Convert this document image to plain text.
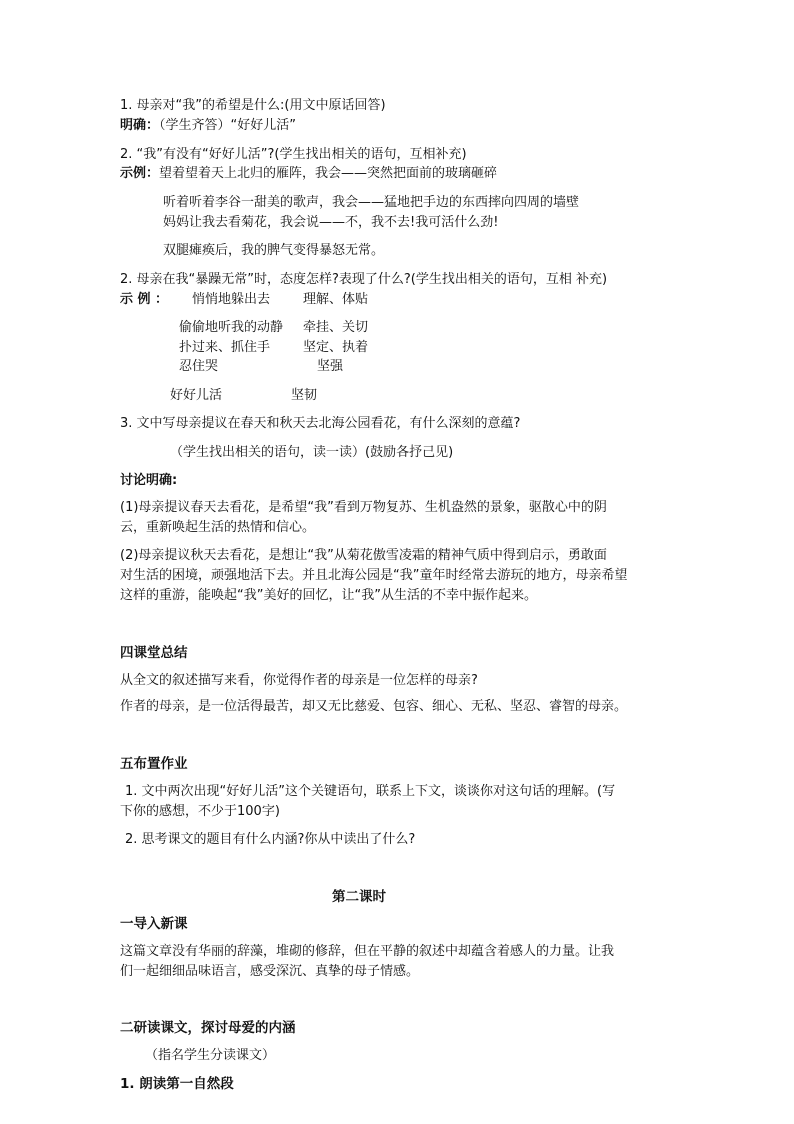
1. 母亲对“我”的希望是什么:(用文中原话回答)
明确：（学生齐答）“好好儿活”
2. “我”有没有“好好儿活”?(学生找出相关的语句，互相补充)
示例：望着望着天上北归的雁阵，我会——突然把面前的玻璃砸碎
听着听着李谷一甜美的歌声，我会——猛地把手边的东西摔向四周的墙壁
妈妈让我去看菊花，我会说——不，我不去!我可活什么劲!
双腿瘫痪后，我的脾气变得暴怒无常。
2. 母亲在我“暴躁无常”时，态度怎样?表现了什么?(学生找出相关的语句，互相 补充)
示 例 ： 悄悄地躲出去	理解、体贴
偷偷地听我的动静 牵挂、关切
扑过来、抓住手	坚定、执着
忍住哭	坚强
好好儿活	坚韧
3. 文中写母亲提议在春天和秋天去北海公园看花，有什么深刻的意蕴?
（学生找出相关的语句，读一读）(鼓励各抒己见)
讨论明确:
(1)母亲提议春天去看花，是希望“我”看到万物复苏、生机盎然的景象，驱散心中的阴
云，重新唤起生活的热情和信心。
(2)母亲提议秋天去看花，是想让“我”从菊花傲雪凌霜的精神气质中得到启示，勇敢面
对生活的困境，顽强地活下去。并且北海公园是“我”童年时经常去游玩的地方，母亲希望
这样的重游，能唤起“我”美好的回忆，让“我”从生活的不幸中振作起来。
四课堂总结
从全文的叙述描写来看，你觉得作者的母亲是一位怎样的母亲?
作者的母亲，是一位活得最苦，却又无比慈爱、包容、细心、无私、坚忍、睿智的母亲。
五布置作业
1. 文中两次出现“好好儿活”这个关键语句，联系上下文，谈谈你对这句话的理解。(写
下你的感想，不少于100字)
2. 思考课文的题目有什么内涵?你从中读出了什么?
第二课时
一导入新课
这篇文章没有华丽的辞藻，堆砌的修辞，但在平静的叙述中却蕴含着感人的力量。让我
们一起细细品味语言，感受深沉、真挚的母子情感。
二研读课文，探讨母爱的内涵
（指名学生分读课文）
1. 朗读第一自然段
